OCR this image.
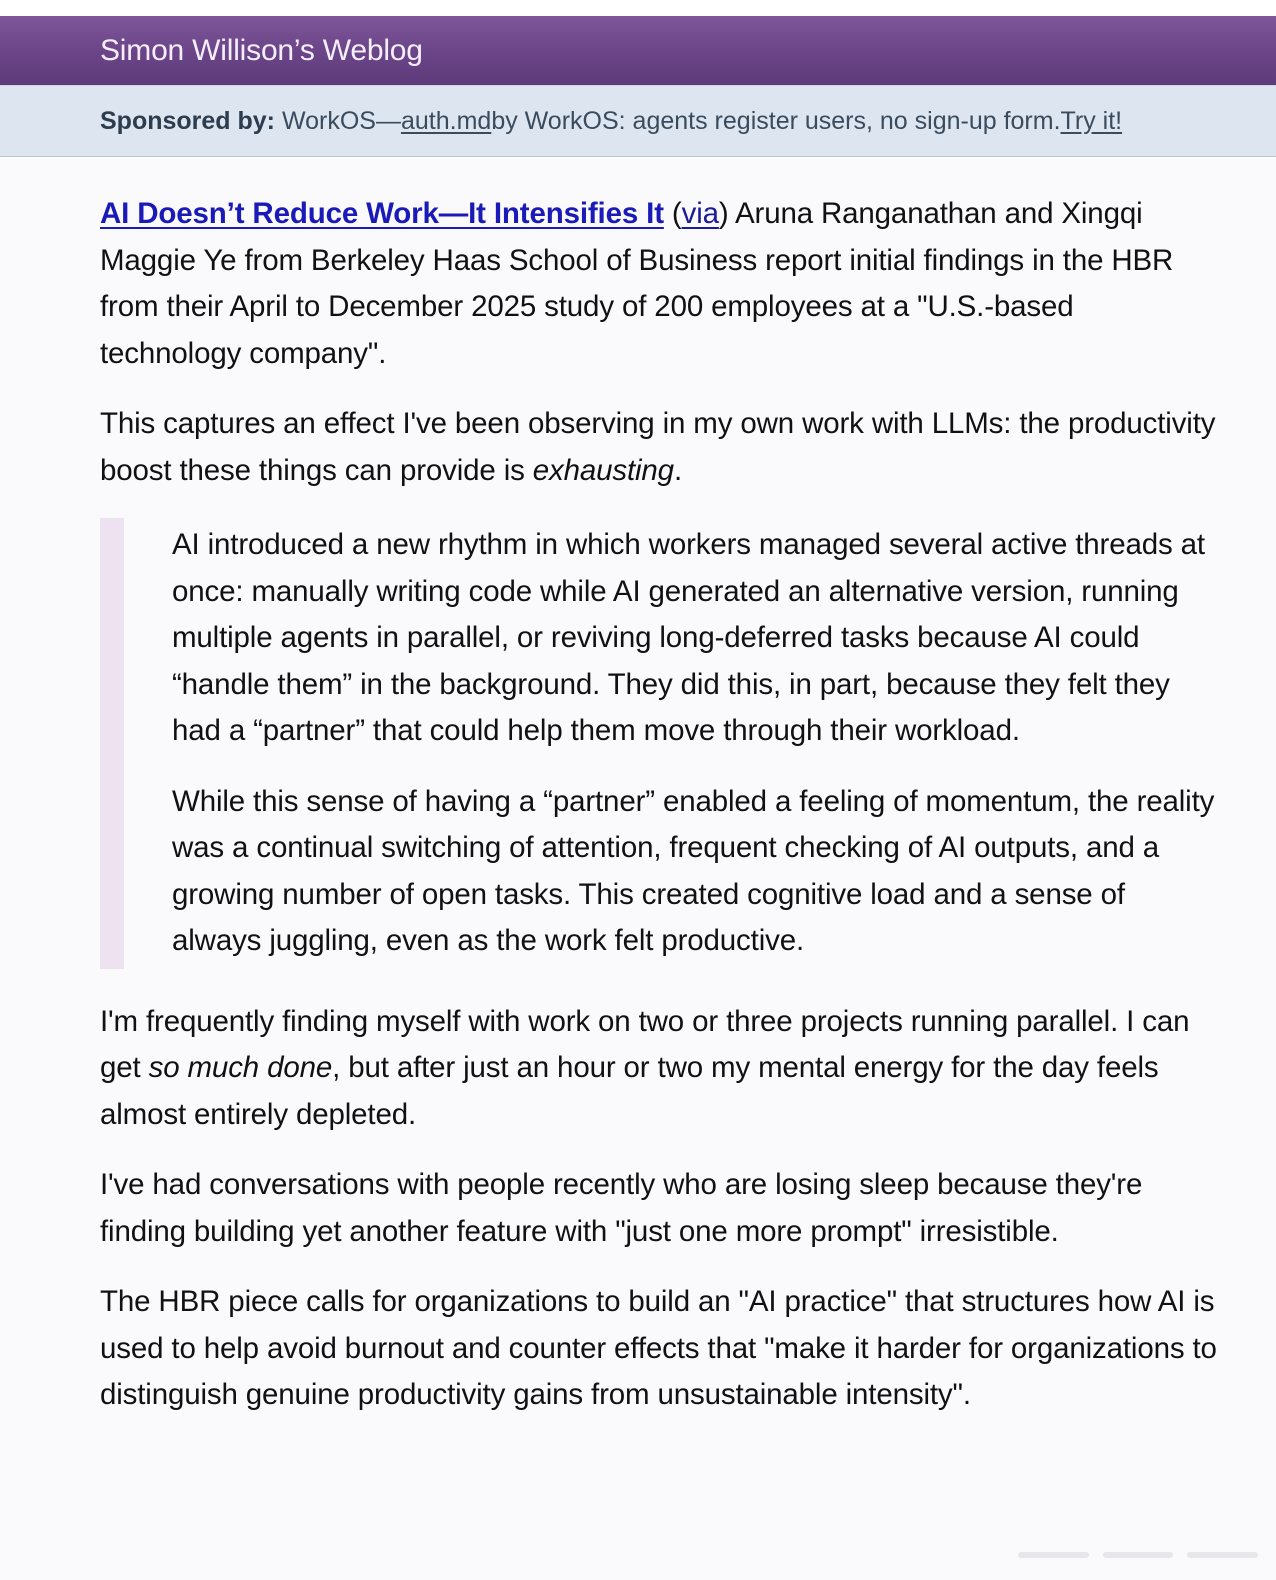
Simon Willison’s Weblog
Sponsored by:
WorkOS — auth.md by WorkOS: agents register users, no sign-up form. Try it!

AI Doesn’t Reduce Work—It Intensifies It (via) Aruna Ranganathan and Xingqi Maggie Ye from Berkeley Haas School of Business report initial findings in the HBR from their April to December 2025 study of 200 employees at a "U.S.-based technology company".

This captures an effect I've been observing in my own work with LLMs: the productivity boost these things can provide is exhausting.

AI introduced a new rhythm in which workers managed several active threads at once: manually writing code while AI generated an alternative version, running multiple agents in parallel, or reviving long-deferred tasks because AI could “handle them” in the background. They did this, in part, because they felt they had a “partner” that could help them move through their workload.

While this sense of having a “partner” enabled a feeling of momentum, the reality was a continual switching of attention, frequent checking of AI outputs, and a growing number of open tasks. This created cognitive load and a sense of always juggling, even as the work felt productive.

I'm frequently finding myself with work on two or three projects running parallel. I can get so much done, but after just an hour or two my mental energy for the day feels almost entirely depleted.

I've had conversations with people recently who are losing sleep because they're finding building yet another feature with "just one more prompt" irresistible.

The HBR piece calls for organizations to build an "AI practice" that structures how AI is used to help avoid burnout and counter effects that "make it harder for organizations to distinguish genuine productivity gains from unsustainable intensity".
